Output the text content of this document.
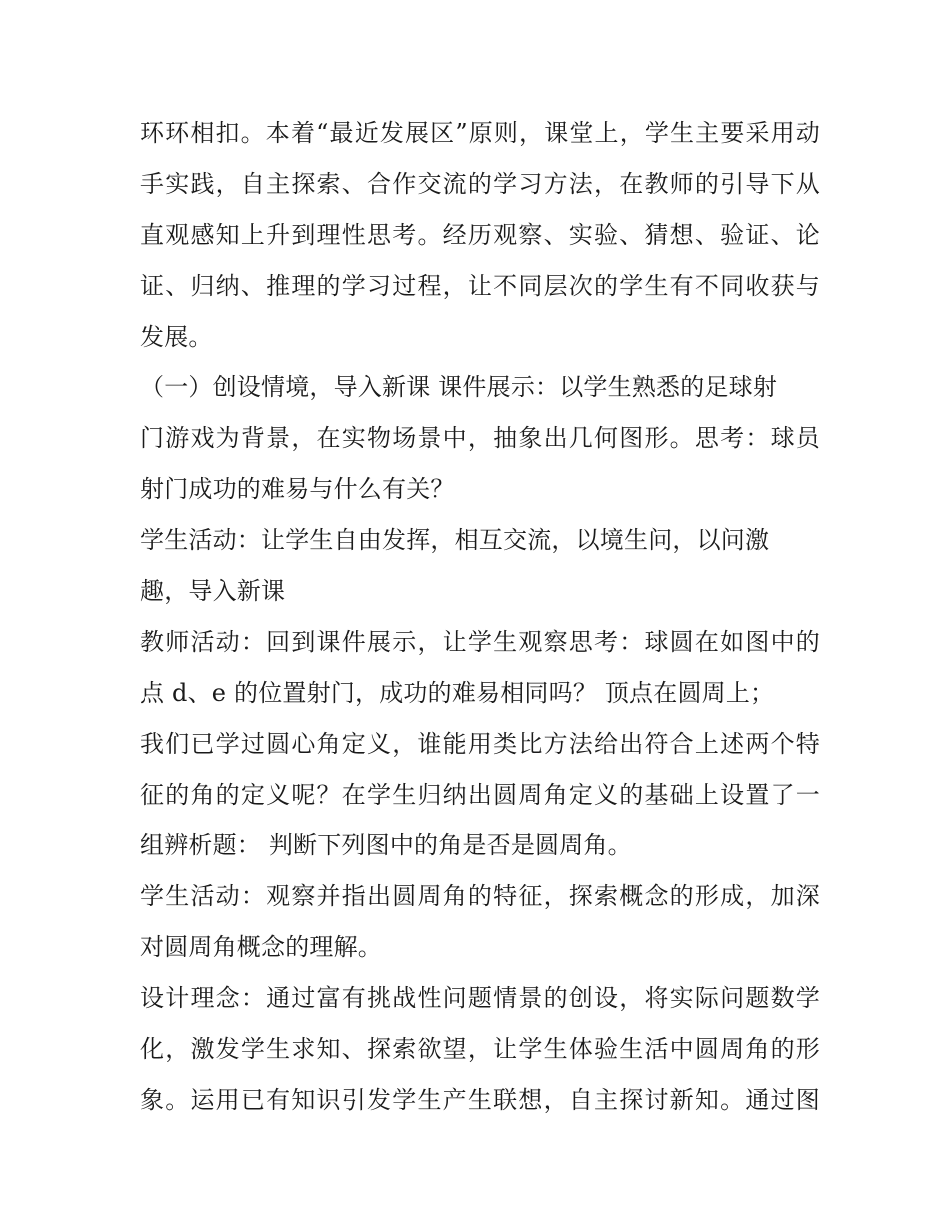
环环相扣。本着“最近发展区”原则，课堂上，学生主要采用动
手实践，自主探索、合作交流的学习方法，在教师的引导下从
直观感知上升到理性思考。经历观察、实验、猜想、验证、论
证、归纳、推理的学习过程，让不同层次的学生有不同收获与
发展。
（一）创设情境，导入新课 课件展示：以学生熟悉的足球射
门游戏为背景，在实物场景中，抽象出几何图形。思考：球员
射门成功的难易与什么有关？
学生活动：让学生自由发挥，相互交流，以境生问，以问激
趣，导入新课
教师活动：回到课件展示，让学生观察思考：球圆在如图中的
点 d、e 的位置射门，成功的难易相同吗？ 顶点在圆周上；
我们已学过圆心角定义，谁能用类比方法给出符合上述两个特
征的角的定义呢？在学生归纳出圆周角定义的基础上设置了一
组辨析题： 判断下列图中的角是否是圆周角。
学生活动：观察并指出圆周角的特征，探索概念的形成，加深
对圆周角概念的理解。
设计理念：通过富有挑战性问题情景的创设，将实际问题数学
化，激发学生求知、探索欲望，让学生体验生活中圆周角的形
象。运用已有知识引发学生产生联想，自主探讨新知。通过图
